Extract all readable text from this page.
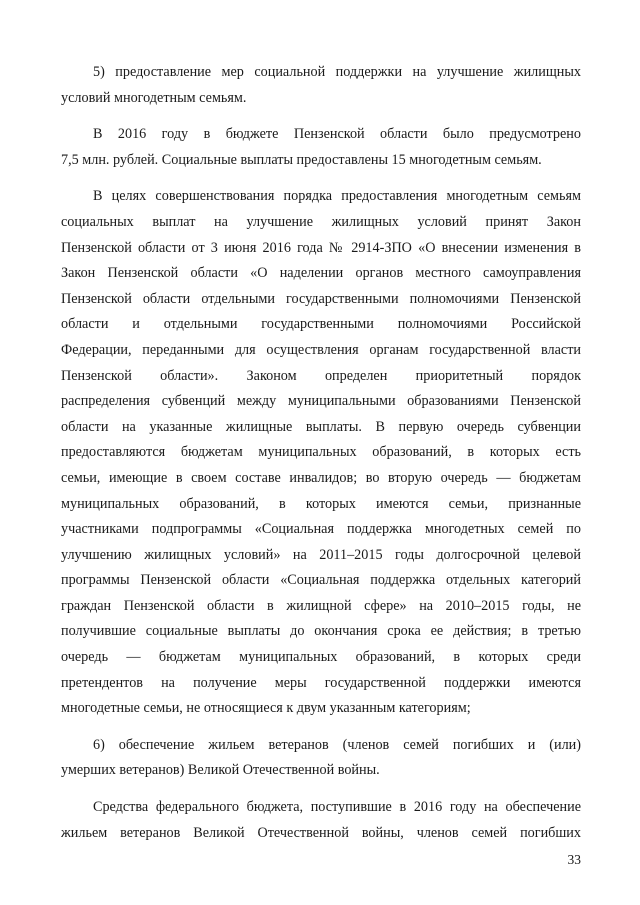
5) предоставление мер социальной поддержки на улучшение жилищных
условий многодетным семьям.
В 2016 году в бюджете Пензенской области было предусмотрено
7,5 млн. рублей. Социальные выплаты предоставлены 15 многодетным семьям.
В целях совершенствования порядка предоставления многодетным семьям
социальных выплат на улучшение жилищных условий принят Закон
Пензенской области от 3 июня 2016 года № 2914-ЗПО «О внесении изменения в
Закон Пензенской области «О наделении органов местного самоуправления
Пензенской области отдельными государственными полномочиями Пензенской
области и отдельными государственными полномочиями Российской
Федерации, переданными для осуществления органам государственной власти
Пензенской области». Законом определен приоритетный порядок
распределения субвенций между муниципальными образованиями Пензенской
области на указанные жилищные выплаты. В первую очередь субвенции
предоставляются бюджетам муниципальных образований, в которых есть
семьи, имеющие в своем составе инвалидов; во вторую очередь — бюджетам
муниципальных образований, в которых имеются семьи, признанные
участниками подпрограммы «Социальная поддержка многодетных семей по
улучшению жилищных условий» на 2011–2015 годы долгосрочной целевой
программы Пензенской области «Социальная поддержка отдельных категорий
граждан Пензенской области в жилищной сфере» на 2010–2015 годы, не
получившие социальные выплаты до окончания срока ее действия; в третью
очередь — бюджетам муниципальных образований, в которых среди
претендентов на получение меры государственной поддержки имеются
многодетные семьи, не относящиеся к двум указанным категориям;
6) обеспечение жильем ветеранов (членов семей погибших и (или)
умерших ветеранов) Великой Отечественной войны.
Средства федерального бюджета, поступившие в 2016 году на обеспечение
жильем ветеранов Великой Отечественной войны, членов семей погибших
33
